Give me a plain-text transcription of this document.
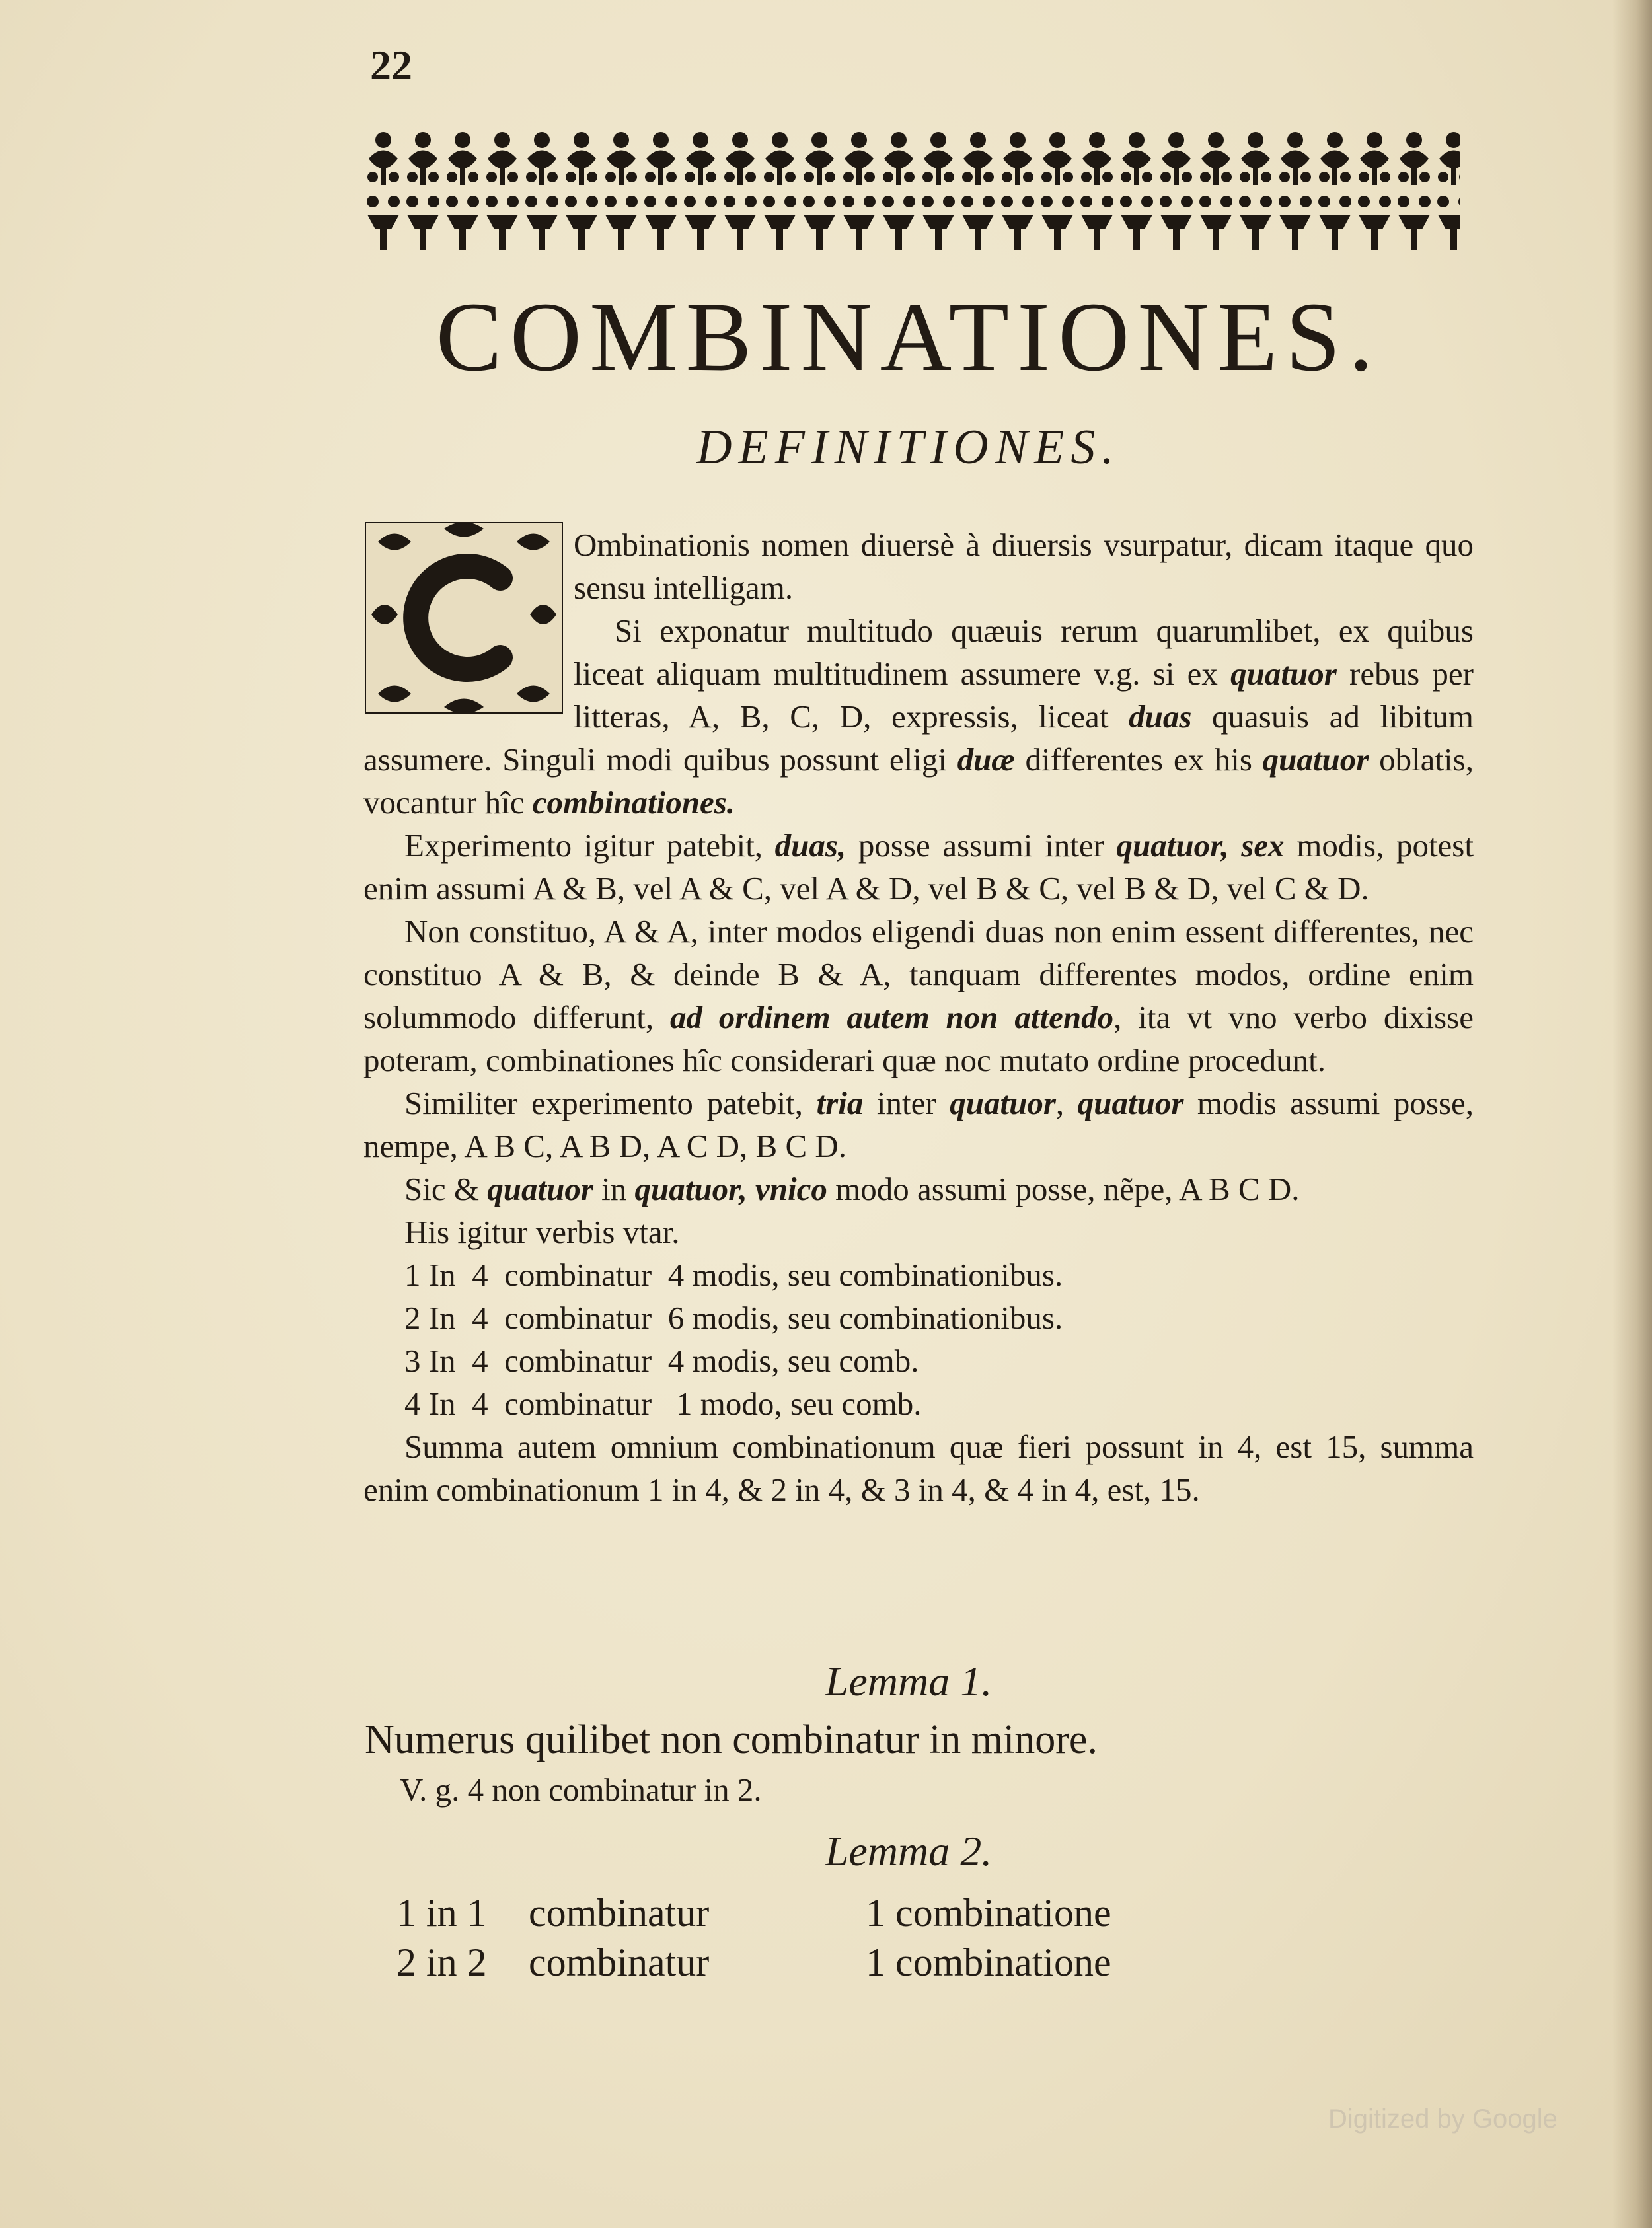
22
COMBINATIONES.
DEFINITIONES.

Ombinationis nomen diuersè à diuersis vsurpatur, dicam itaque quo sensu intelligam.

Si exponatur multitudo quæuis rerum quarumlibet, ex quibus liceat aliquam multitudinem assumere v.g. si ex quatuor rebus per litteras, A, B, C, D, expressis, liceat duas quasuis ad libitum assumere. Singuli modi quibus possunt eligi duæ differentes ex his quatuor oblatis, vocantur hîc combinationes.

Experimento igitur patebit, duas, posse assumi inter quatuor, sex modis, potest enim assumi A & B, vel A & C, vel A & D, vel B & C, vel B & D, vel C & D.

Non constituo, A & A, inter modos eligendi duas non enim essent differentes, nec constituo A & B, & deinde B & A, tanquam differentes modos, ordine enim solummodo differunt, ad ordinem autem non attendo, ita vt vno verbo dixisse poteram, combinationes hîc considerari quæ noc mutato ordine procedunt.

Similiter experimento patebit, tria inter quatuor, quatuor modis assumi posse, nempe, A B C, A B D, A C D, B C D.

Sic & quatuor in quatuor, vnico modo assumi posse, nẽpe, A B C D.

His igitur verbis vtar.

1 In  4  combinatur  4 modis, seu combinationibus.
2 In  4  combinatur  6 modis, seu combinationibus.
3 In  4  combinatur  4 modis, seu comb.
4 In  4  combinatur   1 modo, seu comb.

Summa autem omnium combinationum quæ fieri possunt in 4, est 15, summa enim combinationum 1 in 4, & 2 in 4, & 3 in 4, & 4 in 4, est, 15.

Lemma 1.
Numerus quilibet non combinatur in minore.
V. g. 4 non combinatur in 2.
Lemma 2.
1 in 1	combinatur	1 combinatione
2 in 2	combinatur	1 combinatione
Digitized by Google
